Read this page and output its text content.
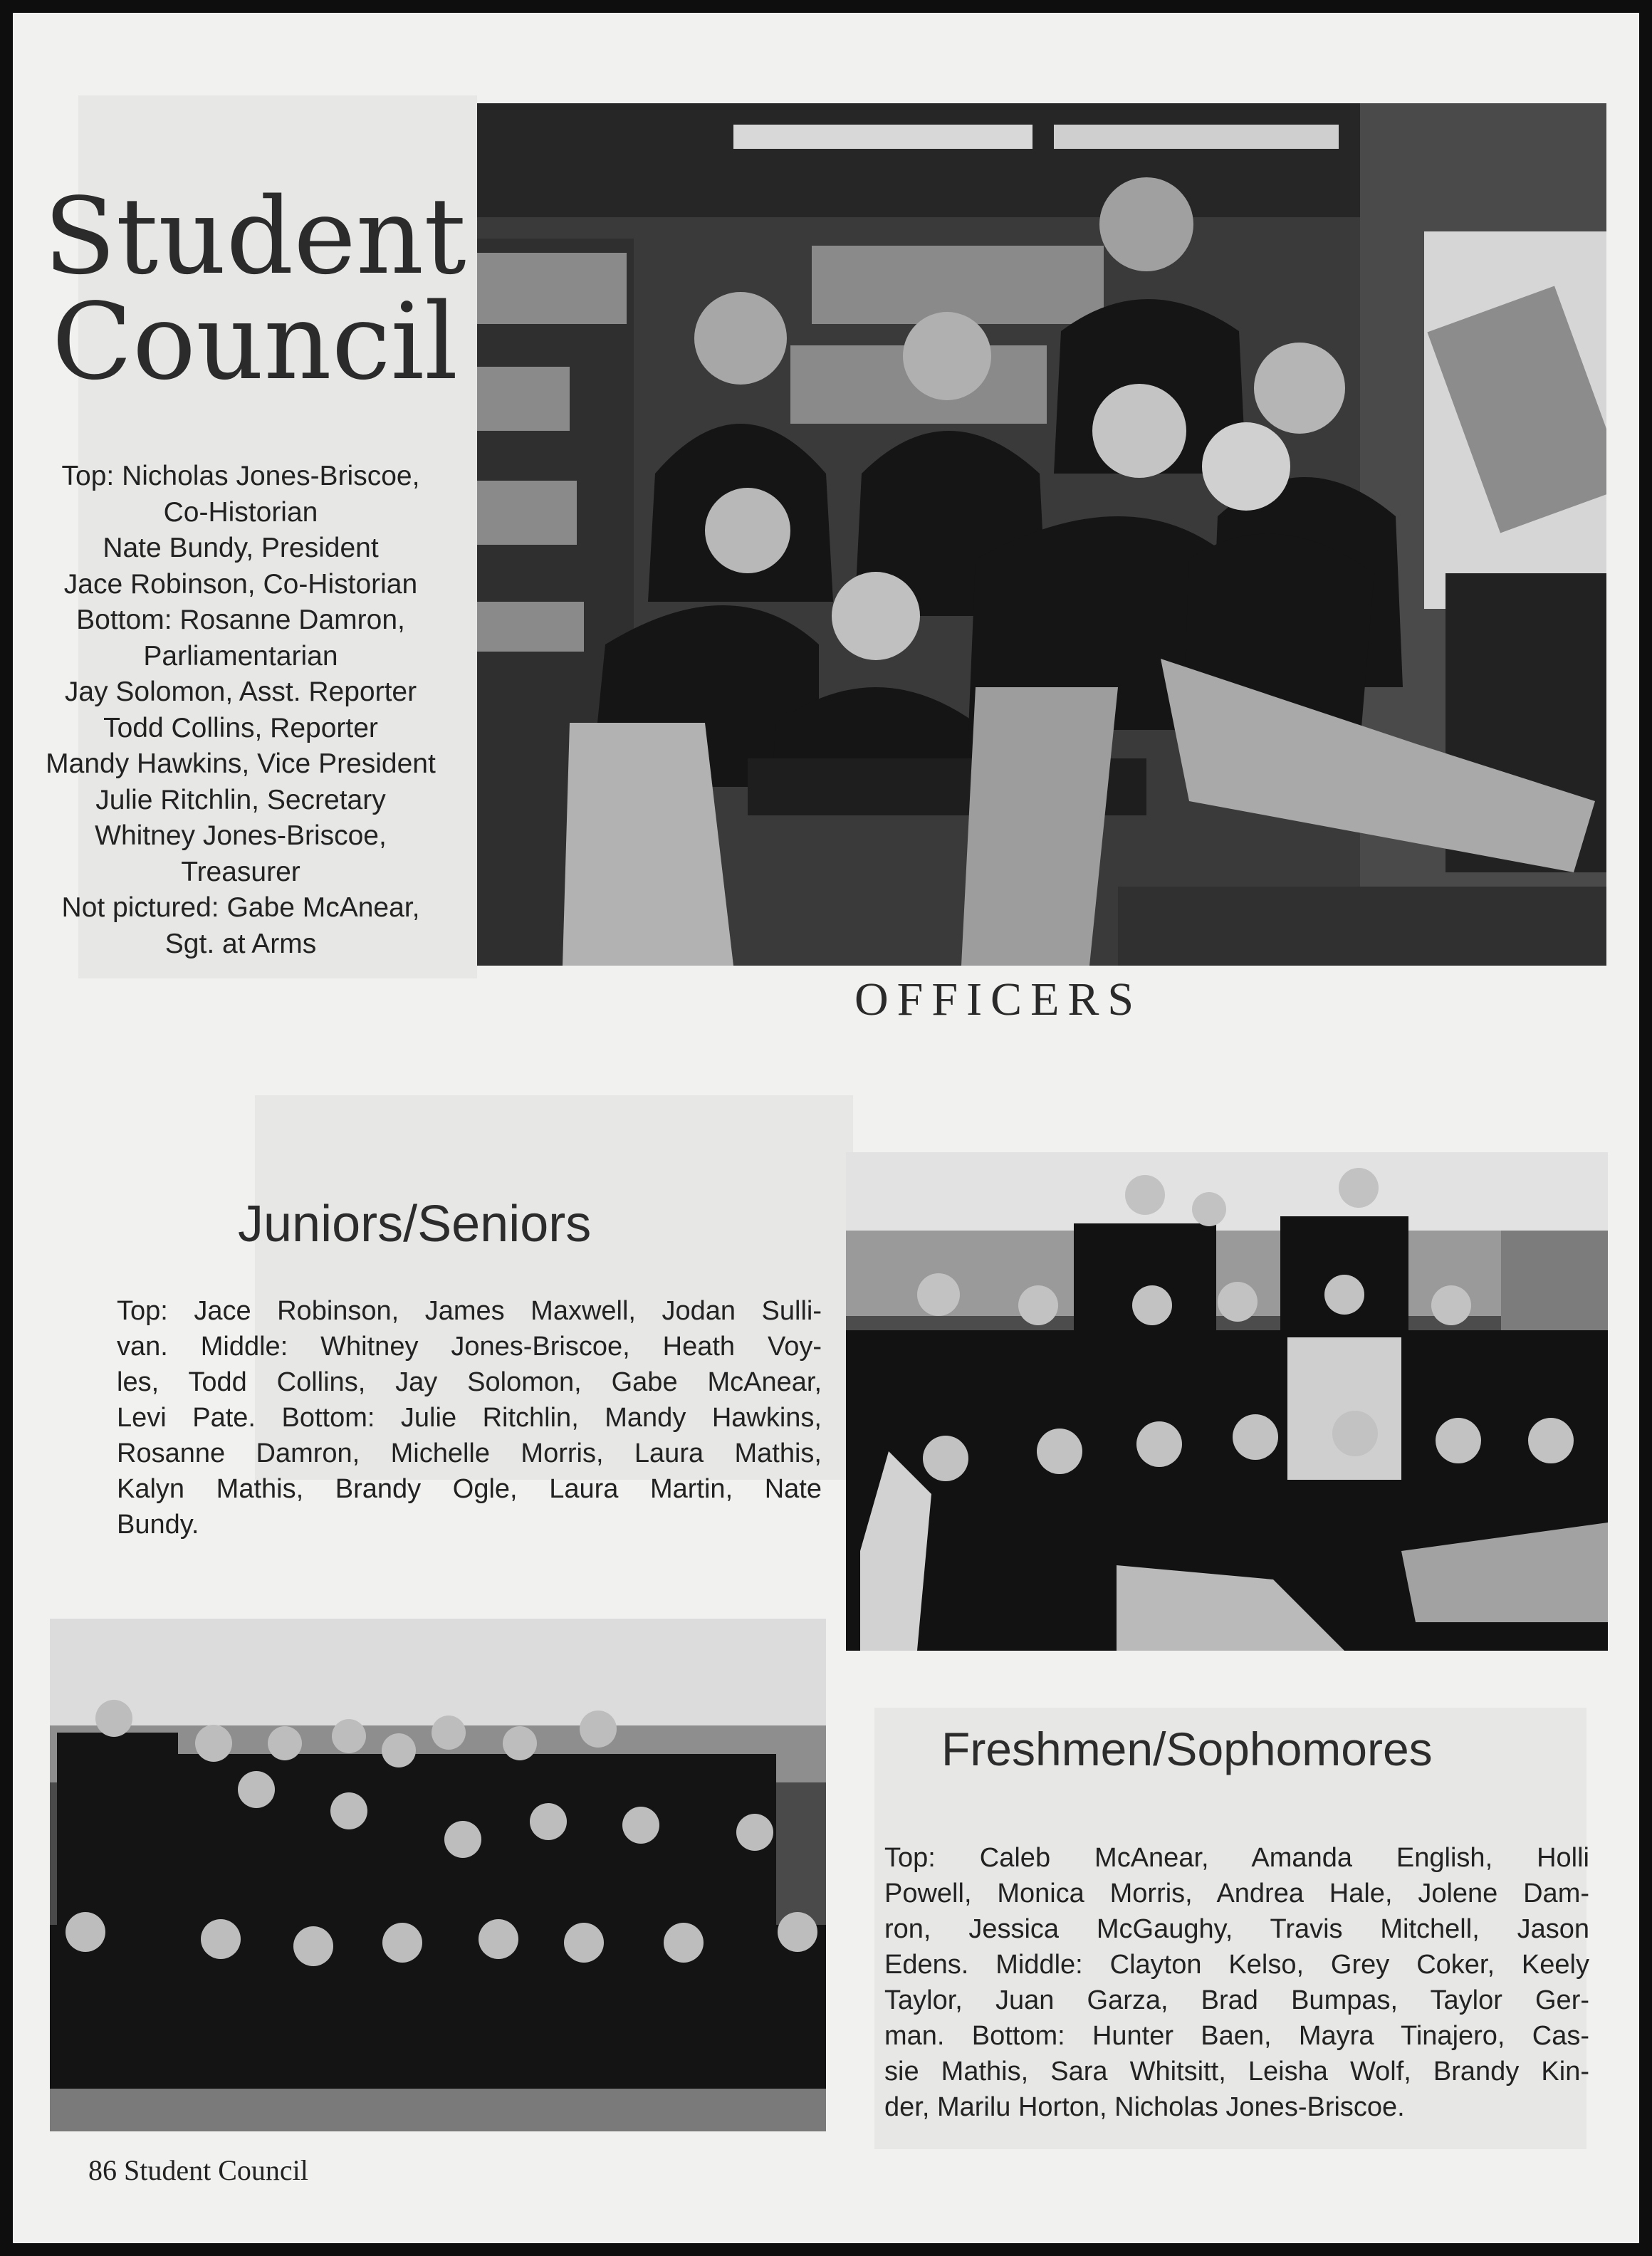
Student
Council
Top: Nicholas Jones-Briscoe,
Co-Historian
Nate Bundy, President
Jace Robinson, Co-Historian
Bottom: Rosanne Damron,
Parliamentarian
Jay Solomon, Asst. Reporter
Todd Collins, Reporter
Mandy Hawkins, Vice President
Julie Ritchlin, Secretary
Whitney Jones-Briscoe,
Treasurer
Not pictured: Gabe McAnear,
Sgt. at Arms
OFFICERS
Juniors/Seniors
Top: Jace Robinson, James Maxwell, Jodan Sulli-
van. Middle: Whitney Jones-Briscoe, Heath Voy-
les, Todd Collins, Jay Solomon, Gabe McAnear,
Levi Pate. Bottom: Julie Ritchlin, Mandy Hawkins,
Rosanne Damron, Michelle Morris, Laura Mathis,
Kalyn Mathis, Brandy Ogle, Laura Martin, Nate
Bundy.
Freshmen/Sophomores
Top: Caleb McAnear, Amanda English, Holli
Powell, Monica Morris, Andrea Hale, Jolene Dam-
ron, Jessica McGaughy, Travis Mitchell, Jason
Edens. Middle: Clayton Kelso, Grey Coker, Keely
Taylor, Juan Garza, Brad Bumpas, Taylor Ger-
man. Bottom: Hunter Baen, Mayra Tinajero, Cas-
sie Mathis, Sara Whitsitt, Leisha Wolf, Brandy Kin-
der, Marilu Horton, Nicholas Jones-Briscoe.
86 Student Council
